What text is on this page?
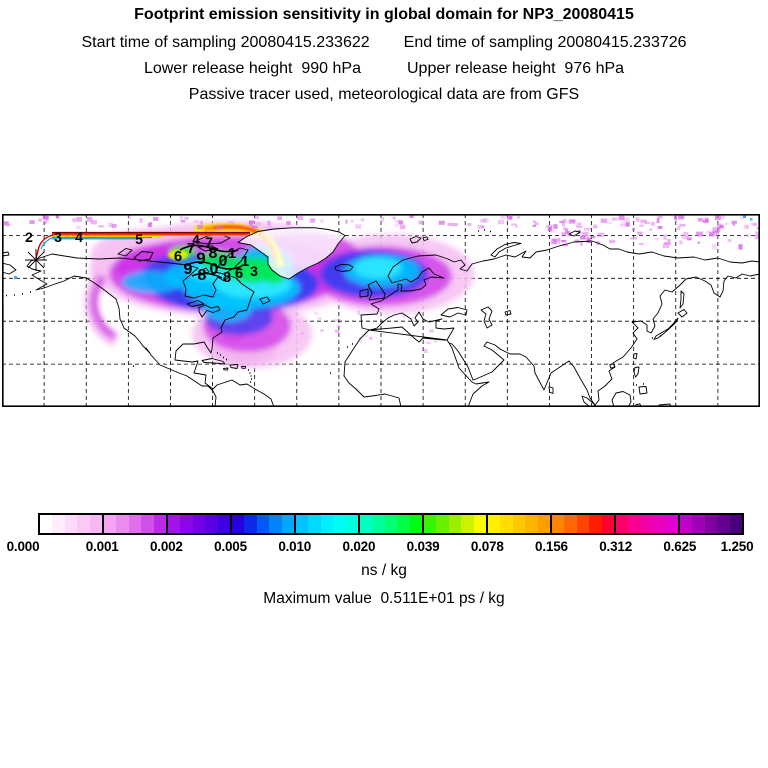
Footprint emission sensitivity in global domain for NP3_20080415
Start time of sampling 20080415.233622 End time of sampling 20080415.233726
Lower release height  990 hPa	Upper release height  976 hPa
Passive tracer used, meteorological data are from GFS
2 3 4	5
6 7
9 8 0 1
9 8 0 1
3
8 6
7
4
0.000	0.001 0.002 0.005 0.010 0.020 0.039 0.078 0.156 0.312 0.625 1.250
ns / kg
Maximum value  0.511E+01 ps / kg
